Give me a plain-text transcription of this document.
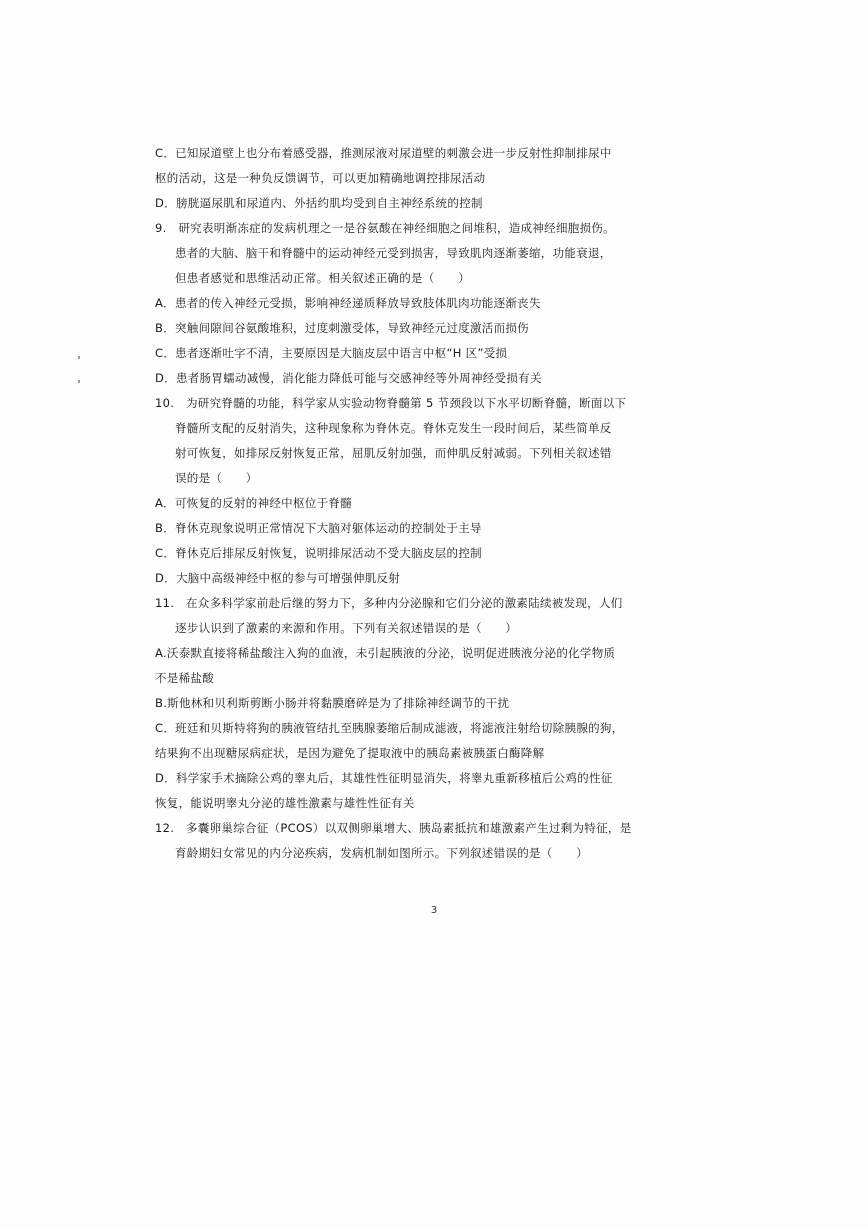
C．已知尿道壁上也分布着感受器，推测尿液对尿道壁的刺激会进一步反射性抑制排尿中
枢的活动，这是一种负反馈调节，可以更加精确地调控排尿活动
D．膀胱逼尿肌和尿道内、外括约肌均受到自主神经系统的控制
9.　研究表明渐冻症的发病机理之一是谷氨酸在神经细胞之间堆积，造成神经细胞损伤。
患者的大脑、脑干和脊髓中的运动神经元受到损害，导致肌肉逐渐萎缩，功能衰退，
但患者感觉和思维活动正常。相关叙述正确的是（　　）
A．患者的传入神经元受损，影响神经递质释放导致肢体肌肉功能逐渐丧失
B．突触间隙间谷氨酸堆积，过度刺激受体，导致神经元过度激活而损伤
C．患者逐渐吐字不清，主要原因是大脑皮层中语言中枢“H 区”受损
D．患者肠胃蠕动减慢，消化能力降低可能与交感神经等外周神经受损有关
10.　为研究脊髓的功能，科学家从实验动物脊髓第 5 节颈段以下水平切断脊髓，断面以下
脊髓所支配的反射消失，这种现象称为脊休克。脊休克发生一段时间后，某些简单反
射可恢复，如排尿反射恢复正常，屈肌反射加强，而伸肌反射减弱。下列相关叙述错
误的是（　　）
A．可恢复的反射的神经中枢位于脊髓
B．脊休克现象说明正常情况下大脑对躯体运动的控制处于主导
C．脊休克后排尿反射恢复，说明排尿活动不受大脑皮层的控制
D．大脑中高级神经中枢的参与可增强伸肌反射
11.　在众多科学家前赴后继的努力下，多种内分泌腺和它们分泌的激素陆续被发现，人们
逐步认识到了激素的来源和作用。下列有关叙述错误的是（　　）
A.沃泰默直接将稀盐酸注入狗的血液，未引起胰液的分泌，说明促进胰液分泌的化学物质
不是稀盐酸
B.斯他林和贝利斯剪断小肠并将黏膜磨碎是为了排除神经调节的干扰
C．班廷和贝斯特将狗的胰液管结扎至胰腺萎缩后制成滤液，将滤液注射给切除胰腺的狗，
结果狗不出现糖尿病症状，是因为避免了提取液中的胰岛素被胰蛋白酶降解
D．科学家手术摘除公鸡的睾丸后，其雄性性征明显消失，将睾丸重新移植后公鸡的性征
恢复，能说明睾丸分泌的雄性激素与雄性性征有关
12.　多囊卵巢综合征（PCOS）以双侧卵巢增大、胰岛素抵抗和雄激素产生过剩为特征，是
育龄期妇女常见的内分泌疾病，发病机制如图所示。下列叙述错误的是（　　）
3
